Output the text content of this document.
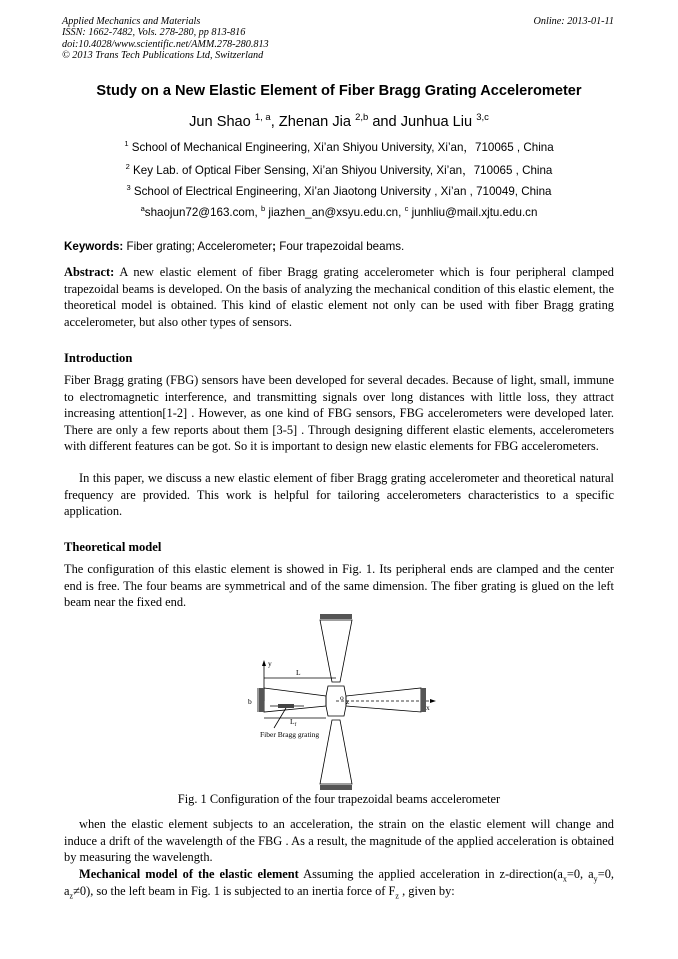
Applied Mechanics and Materials
ISSN: 1662-7482, Vols. 278-280, pp 813-816
doi:10.4028/www.scientific.net/AMM.278-280.813
© 2013 Trans Tech Publications Ltd, Switzerland
Online: 2013-01-11
Study on a New Elastic Element of Fiber Bragg Grating Accelerometer
Jun Shao $^{1, a}$, Zhenan Jia $^{2,b}$ and Junhua Liu $^{3,c}$
$^1$ School of Mechanical Engineering, Xi’an Shiyou University, Xi’an，710065 , China
$^2$ Key Lab. of Optical Fiber Sensing, Xi’an Shiyou University, Xi’an，710065 , China
$^3$ School of Electrical Engineering, Xi’an Jiaotong University , Xi’an , 710049, China
$^a$shaojun72@163.com, $^b$ jiazhen_an@xsyu.edu.cn, $^c$ junhliu@mail.xjtu.edu.cn
Keywords: Fiber grating; Accelerometer; Four trapezoidal beams.
Abstract: A new elastic element of fiber Bragg grating accelerometer which is four peripheral clamped trapezoidal beams is developed. On the basis of analyzing the mechanical condition of this elastic element, the theoretical model is obtained. This kind of elastic element not only can be used with fiber Bragg grating accelerometer, but also other types of sensors.
Introduction
Fiber Bragg grating (FBG) sensors have been developed for several decades. Because of light, small, immune to electromagnetic interference, and transmitting signals over long distances with little loss, they attract increasing attention[1-2] . However, as one kind of FBG sensors, FBG accelerometers were developed later. There are only a few reports about them [3-5] . Through designing different elastic elements, accelerometers with different features can be got. So it is important to design new elastic elements for FBG accelerometers.
In this paper, we discuss a new elastic element of fiber Bragg grating accelerometer and theoretical natural frequency are provided. This work is helpful for tailoring accelerometers characteristics to a specific application.
Theoretical model
The configuration of this elastic element is showed in Fig. 1. Its peripheral ends are clamped and the center end is free. The four beams are symmetrical and of the same dimension. The fiber grating is glued on the left beam near the fixed end.
y
L
o z
x
b
$L_f$
Fiber Bragg grating
Fig. 1 Configuration of the four trapezoidal beams accelerometer
when the elastic element subjects to an acceleration, the strain on the elastic element will change and induce a drift of the wavelength of the FBG . As a result, the magnitude of the applied acceleration is obtained by measuring the wavelength.
Mechanical model of the elastic element Assuming the applied acceleration in $z-direction(a_x=0$, $a_y=0$, $a_z\ne 0$), so the left beam in Fig. 1 is subjected to an inertia force of $F_z$ , given by:
